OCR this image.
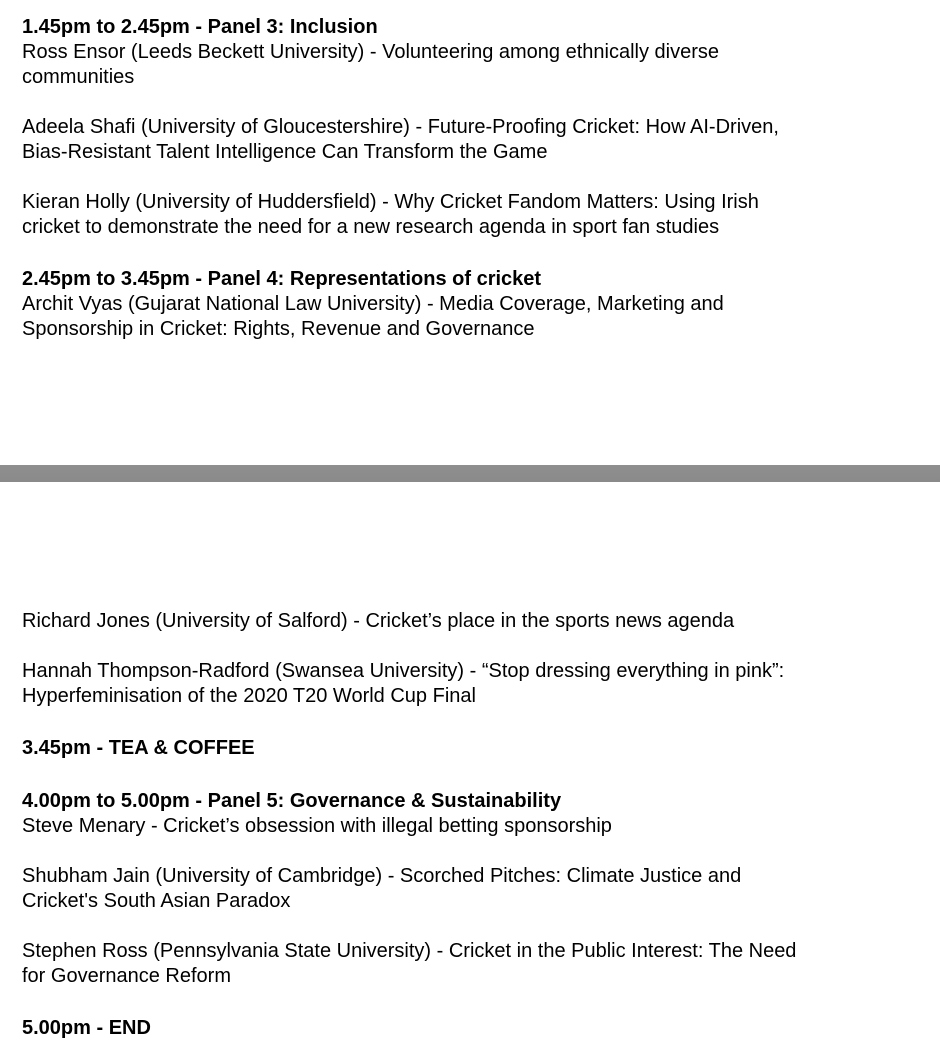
1.45pm to 2.45pm - Panel 3: Inclusion

Ross Ensor (Leeds Beckett University) - Volunteering among ethnically diverse

communities

Adeela Shafi (University of Gloucestershire) - Future-Proofing Cricket: How AI-Driven,

Bias-Resistant Talent Intelligence Can Transform the Game

Kieran Holly (University of Huddersfield) - Why Cricket Fandom Matters: Using Irish

cricket to demonstrate the need for a new research agenda in sport fan studies

2.45pm to 3.45pm - Panel 4: Representations of cricket

Archit Vyas (Gujarat National Law University) - Media Coverage, Marketing and

Sponsorship in Cricket: Rights, Revenue and Governance

Richard Jones (University of Salford) - Cricket’s place in the sports news agenda

Hannah Thompson-Radford (Swansea University) - “Stop dressing everything in pink”:

Hyperfeminisation of the 2020 T20 World Cup Final

3.45pm - TEA & COFFEE

4.00pm to 5.00pm - Panel 5: Governance & Sustainability

Steve Menary - Cricket’s obsession with illegal betting sponsorship

Shubham Jain (University of Cambridge) - Scorched Pitches: Climate Justice and

Cricket's South Asian Paradox

Stephen Ross (Pennsylvania State University) - Cricket in the Public Interest: The Need

for Governance Reform

5.00pm - END
